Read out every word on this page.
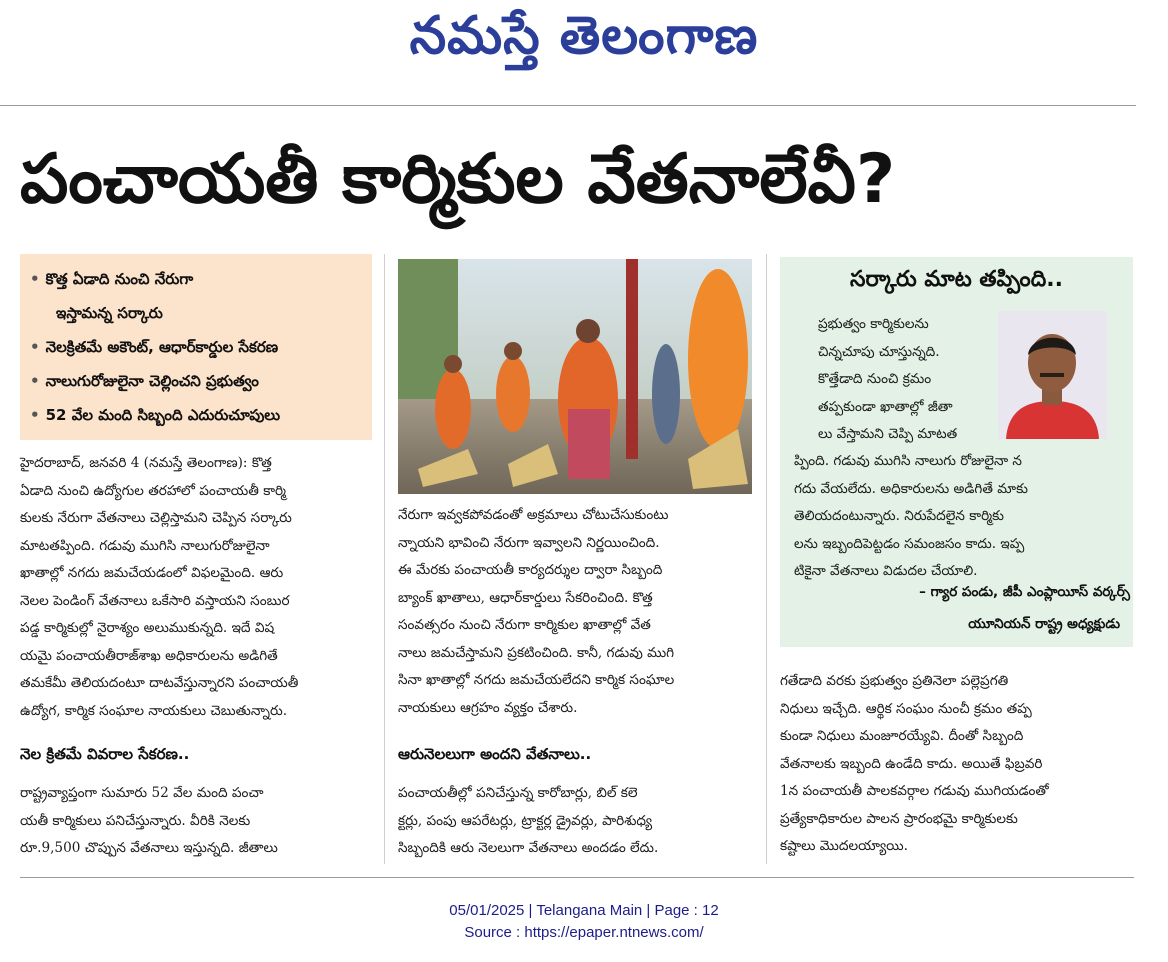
నమస్తే తెలంగాణ
పంచాయతీ కార్మికుల వేతనాలేవీ?
• కొత్త ఏడాది నుంచి నేరుగా
ఇస్తామన్న సర్కారు
• నెలక్రితమే అకౌంట్, ఆధార్‌కార్డుల సేకరణ
• నాలుగురోజులైనా చెల్లించని ప్రభుత్వం
• 52 వేల మంది సిబ్బంది ఎదురుచూపులు

హైదరాబాద్, జనవరి 4 (నమస్తే తెలంగాణ): కొత్త

ఏడాది నుంచి ఉద్యోగుల తరహాలో పంచాయతీ కార్మి

కులకు నేరుగా వేతనాలు చెల్లిస్తామని చెప్పిన సర్కారు

మాటతప్పింది. గడువు ముగిసి నాలుగురోజులైనా

ఖాతాల్లో నగదు జమచేయడంలో విఫలమైంది. ఆరు

నెలల పెండింగ్ వేతనాలు ఒకేసారి వస్తాయని సంబుర

పడ్డ కార్మికుల్లో నైరాశ్యం అలుముకున్నది. ఇదే విష

యమై పంచాయతీరాజ్‌శాఖ అధికారులను అడిగితే

తమకేమీ తెలియదంటూ దాటవేస్తున్నారని పంచాయతీ

ఉద్యోగ, కార్మిక సంఘాల నాయకులు చెబుతున్నారు.

నెల క్రితమే వివరాల సేకరణ..

రాష్ట్రవ్యాప్తంగా సుమారు 52 వేల మంది పంచా

యతీ కార్మికులు పనిచేస్తున్నారు. వీరికి నెలకు

రూ.9,500 చొప్పున వేతనాలు ఇస్తున్నది. జీతాలు

నేరుగా ఇవ్వకపోవడంతో అక్రమాలు చోటుచేసుకుంటు

న్నాయని భావించి నేరుగా ఇవ్వాలని నిర్ణయించింది.

ఈ మేరకు పంచాయతీ కార్యదర్శుల ద్వారా సిబ్బంది

బ్యాంక్ ఖాతాలు, ఆధార్‌కార్డులు సేకరించింది. కొత్త

సంవత్సరం నుంచి నేరుగా కార్మికుల ఖాతాల్లో వేత

నాలు జమచేస్తామని ప్రకటించింది. కానీ, గడువు ముగి

సినా ఖాతాల్లో నగదు జమచేయలేదని కార్మిక సంఘాల

నాయకులు ఆగ్రహం వ్యక్తం చేశారు.

ఆరునెలలుగా అందని వేతనాలు..

పంచాయతీల్లో పనిచేస్తున్న కారోబార్లు, బిల్ కలె

క్టర్లు, పంపు ఆపరేటర్లు, ట్రాక్టర్ల డ్రైవర్లు, పారిశుధ్య

సిబ్బందికి ఆరు నెలలుగా వేతనాలు అందడం లేదు.

సర్కారు మాట తప్పింది..

ప్రభుత్వం కార్మికులను

చిన్నచూపు చూస్తున్నది.

కొత్తేడాది నుంచి క్రమం

తప్పకుండా ఖాతాల్లో జీతా

లు వేస్తామని చెప్పి మాటత

ప్పింది. గడువు ముగిసి నాలుగు రోజులైనా న

గదు వేయలేదు. అధికారులను అడిగితే మాకు

తెలియదంటున్నారు. నిరుపేదలైన కార్మికు

లను ఇబ్బందిపెట్టడం సమంజసం కాదు. ఇప్ప

టికైనా వేతనాలు విడుదల చేయాలి.

– గ్యార పండు, జీపీ ఎంప్లాయీస్ వర్కర్స్
యూనియన్ రాష్ట్ర అధ్యక్షుడు

గతేడాది వరకు ప్రభుత్వం ప్రతినెలా పల్లెప్రగతి

నిధులు ఇచ్చేది. ఆర్థిక సంఘం నుంచీ క్రమం తప్ప

కుండా నిధులు మంజూరయ్యేవి. దీంతో సిబ్బంది

వేతనాలకు ఇబ్బంది ఉండేది కాదు. అయితే ఫిబ్రవరి

1న పంచాయతీ పాలకవర్గాల గడువు ముగియడంతో

ప్రత్యేకాధికారుల పాలన ప్రారంభమై కార్మికులకు

కష్టాలు మొదలయ్యాయి.

05/01/2025 | Telangana Main | Page : 12
Source : https://epaper.ntnews.com/
